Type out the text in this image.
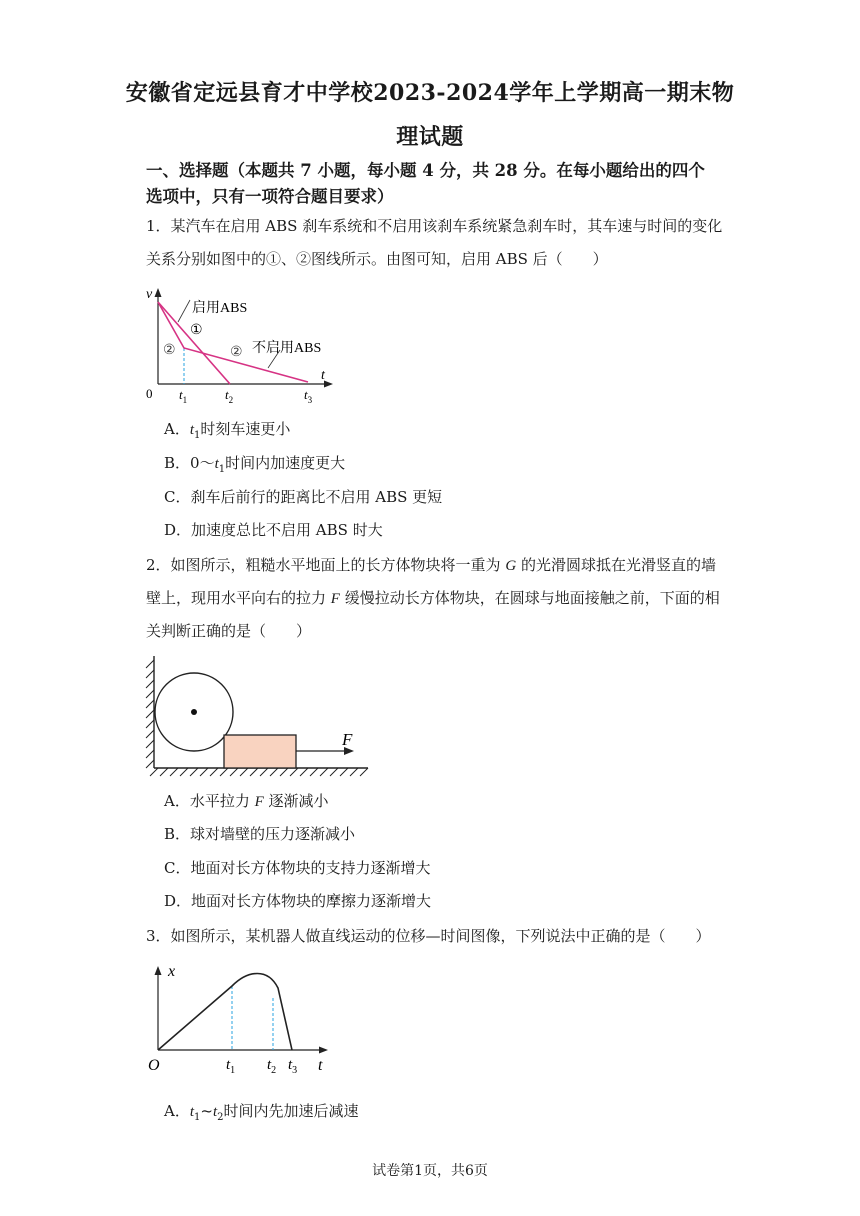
安徽省定远县育才中学校2023-2024学年上学期高一期末物
理试题
一、选择题（本题共 7 小题，每小题 4 分，共 28 分。在每小题给出的四个
选项中，只有一项符合题目要求）
1．某汽车在启用 ABS 刹车系统和不启用该刹车系统紧急刹车时，其车速与时间的变化
关系分别如图中的①、②图线所示。由图可知，启用 ABS 后（　　）
v
t
0
启用ABS
①
②	② 不启用ABS
$t_1$	$t_2$	$t_3$
A．$t_1$时刻车速更小
B．$0\sim t_1$时间内加速度更大
C．刹车后前行的距离比不启用 ABS 更短
D．加速度总比不启用 ABS 时大
2．如图所示，粗糙水平地面上的长方体物块将一重为 G 的光滑圆球抵在光滑竖直的墙
壁上，现用水平向右的拉力 F 缓慢拉动长方体物块，在圆球与地面接触之前，下面的相
关判断正确的是（　　）
F
A．水平拉力 F 逐渐减小
B．球对墙壁的压力逐渐减小
C．地面对长方体物块的支持力逐渐增大
D．地面对长方体物块的摩擦力逐渐增大
3．如图所示，某机器人做直线运动的位移—时间图像，下列说法中正确的是（　　）
x
t
O	$t_1$ $t_2$ $t_3$
A．$t_1\sim t_2$时间内先加速后减速
试卷第1页，共6页
